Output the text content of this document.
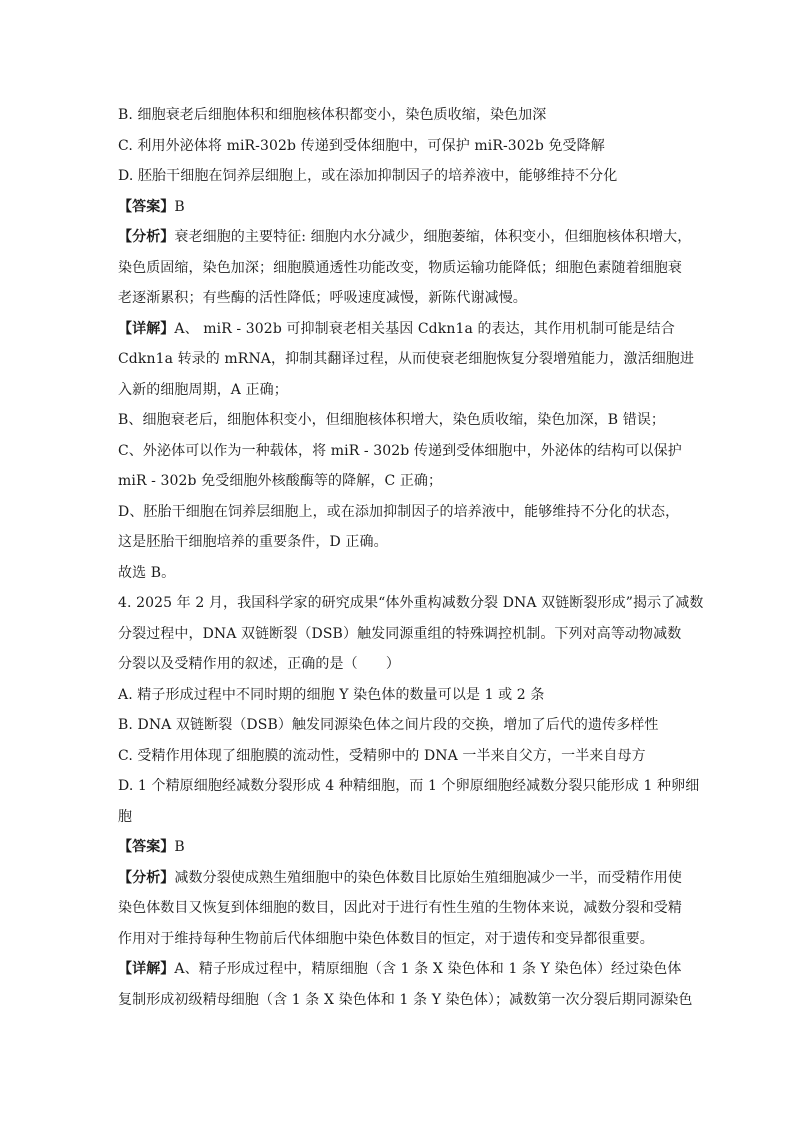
B. 细胞衰老后细胞体积和细胞核体积都变小，染色质收缩，染色加深
C. 利用外泌体将 miR-302b 传递到受体细胞中，可保护 miR-302b 免受降解
D. 胚胎干细胞在饲养层细胞上，或在添加抑制因子的培养液中，能够维持不分化
【答案】B
【分析】衰老细胞的主要特征: 细胞内水分减少，细胞萎缩，体积变小，但细胞核体积增大，
染色质固缩，染色加深；细胞膜通透性功能改变，物质运输功能降低；细胞色素随着细胞衰
老逐渐累积；有些酶的活性降低；呼吸速度减慢，新陈代谢减慢。
【详解】A、 miR - 302b 可抑制衰老相关基因 Cdkn1a 的表达，其作用机制可能是结合
Cdkn1a 转录的 mRNA，抑制其翻译过程，从而使衰老细胞恢复分裂增殖能力，激活细胞进
入新的细胞周期，A 正确；
B、细胞衰老后，细胞体积变小，但细胞核体积增大，染色质收缩，染色加深，B 错误；
C、外泌体可以作为一种载体，将 miR - 302b 传递到受体细胞中，外泌体的结构可以保护
miR - 302b 免受细胞外核酸酶等的降解，C 正确；
D、胚胎干细胞在饲养层细胞上，或在添加抑制因子的培养液中，能够维持不分化的状态，
这是胚胎干细胞培养的重要条件，D 正确。
故选 B。
4. 2025 年 2 月，我国科学家的研究成果“体外重构减数分裂 DNA 双链断裂形成”揭示了减数
分裂过程中，DNA 双链断裂（DSB）触发同源重组的特殊调控机制。下列对高等动物减数
分裂以及受精作用的叙述，正确的是（　　）
A. 精子形成过程中不同时期的细胞 Y 染色体的数量可以是 1 或 2 条
B. DNA 双链断裂（DSB）触发同源染色体之间片段的交换，增加了后代的遗传多样性
C. 受精作用体现了细胞膜的流动性，受精卵中的 DNA 一半来自父方，一半来自母方
D. 1 个精原细胞经减数分裂形成 4 种精细胞，而 1 个卵原细胞经减数分裂只能形成 1 种卵细
胞
【答案】B
【分析】减数分裂使成熟生殖细胞中的染色体数目比原始生殖细胞减少一半，而受精作用使
染色体数目又恢复到体细胞的数目，因此对于进行有性生殖的生物体来说，减数分裂和受精
作用对于维持每种生物前后代体细胞中染色体数目的恒定，对于遗传和变异都很重要。
【详解】A、精子形成过程中，精原细胞（含 1 条 X 染色体和 1 条 Y 染色体）经过染色体
复制形成初级精母细胞（含 1 条 X 染色体和 1 条 Y 染色体）；减数第一次分裂后期同源染色
